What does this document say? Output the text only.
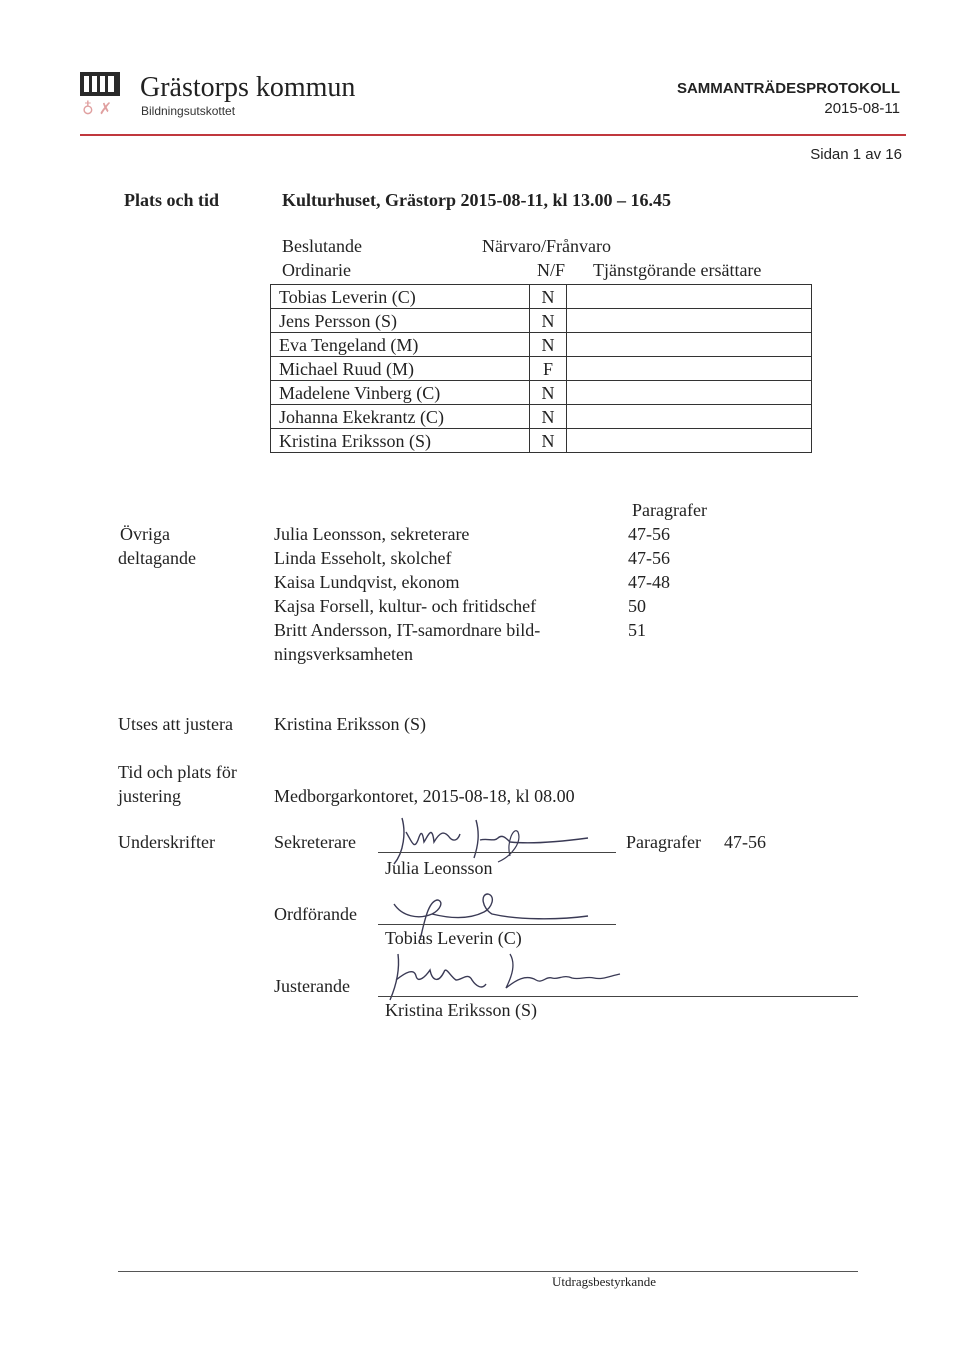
♁ ✗
Grästorps kommun
Bildningsutskottet
SAMMANTRÄDESPROTOKOLL
2015-08-11
Sidan 1 av 16
Plats och tid	Kulturhuset, Grästorp 2015-08-11, kl 13.00 – 16.45
Beslutande	Närvaro/Frånvaro
Ordinarie	N/F Tjänstgörande ersättare
Tobias Leverin (C)	N	
Jens Persson (S)	N	
Eva Tengeland (M)	N	
Michael Ruud (M)	F	
Madelene Vinberg (C)	N	
Johanna Ekekrantz (C)	N	
Kristina Eriksson (S)	N	
Övriga
deltagande
Paragrafer
Julia Leonsson, sekreterare	47-56
Linda Esseholt, skolchef	47-56
Kaisa Lundqvist, ekonom	47-48
Kajsa Forsell, kultur- och fritidschef	50
Britt Andersson, IT-samordnare bild-	51
ningsverksamheten
Utses att justera Kristina Eriksson (S)
Tid och plats för
justering	Medborgarkontoret, 2015-08-18, kl 08.00
Underskrifter	Sekreterare	Paragrafer 47-56
Julia Leonsson
Ordförande
Tobias Leverin (C)
Justerande
Kristina Eriksson (S)
Utdragsbestyrkande
